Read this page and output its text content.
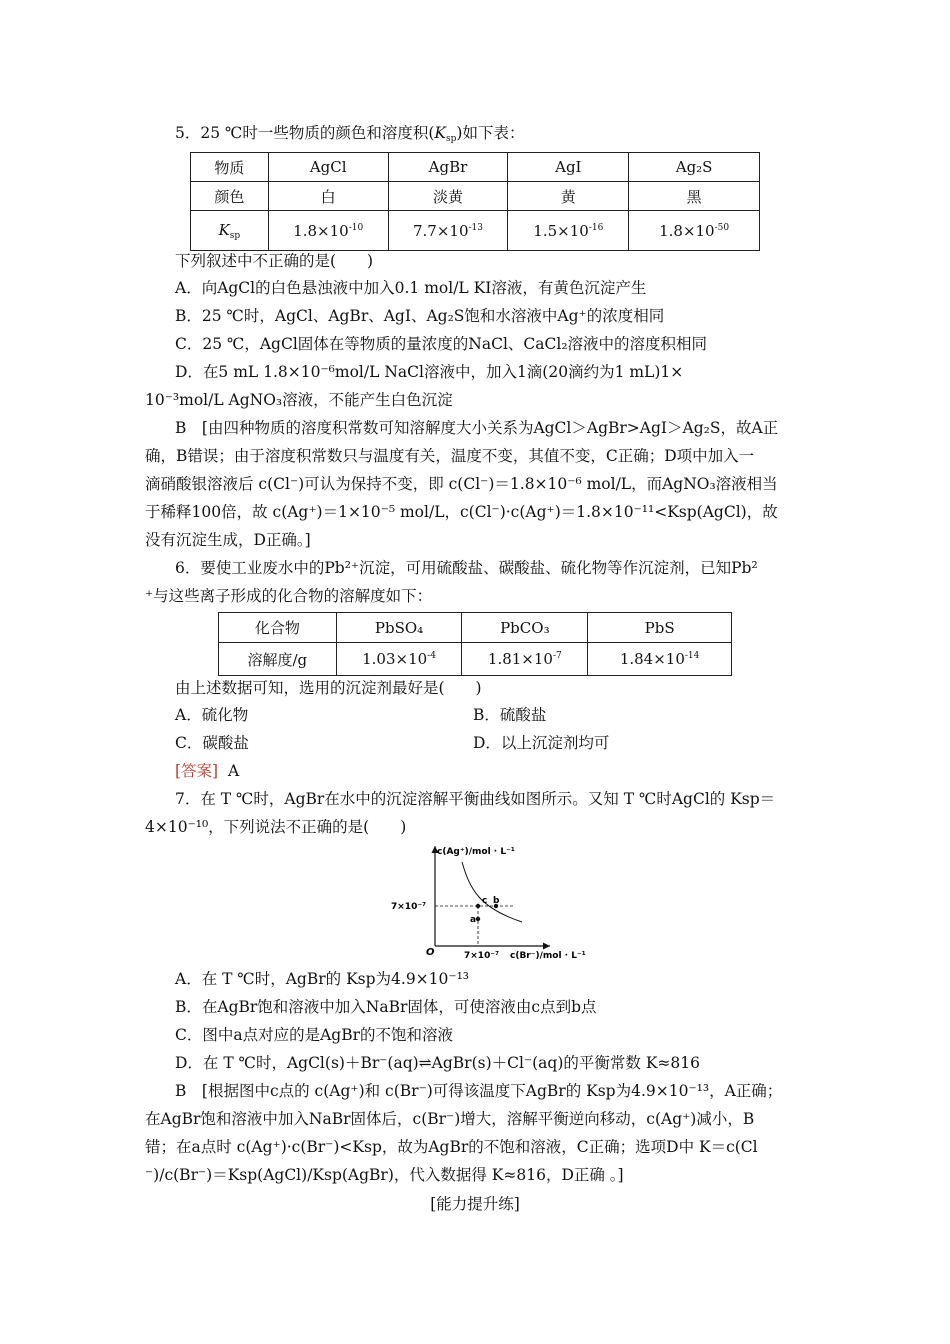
5．25 ℃时一些物质的颜色和溶度积$(K_{sp})$如下表：
物质	AgCl	AgBr	AgI	Ag₂S
颜色	白	淡黄	黄	黑
$K_{sp}$	$1.8\times 10^{-10}$	$7.7\times 10^{-13}$	$1.5\times 10^{-16}$	$1.8\times 10^{-50}$
下列叙述中不正确的是(　　)
A．向AgCl的白色悬浊液中加入0.1 mol/L KI溶液，有黄色沉淀产生
B．25 ℃时，AgCl、AgBr、AgI、Ag₂S饱和水溶液中Ag⁺的浓度相同
C．25 ℃，AgCl固体在等物质的量浓度的NaCl、CaCl₂溶液中的溶度积相同
D．在5 mL 1.8×10⁻⁶mol/L NaCl溶液中，加入1滴(20滴约为1 mL)1×
10⁻³mol/L AgNO₃溶液，不能产生白色沉淀
B　[由四种物质的溶度积常数可知溶解度大小关系为AgCl＞AgBr>AgI＞Ag₂S，故A正
确，B错误；由于溶度积常数只与温度有关，温度不变，其值不变，C正确；D项中加入一
滴硝酸银溶液后 c(Cl⁻)可认为保持不变，即 c(Cl⁻)＝1.8×10⁻⁶ mol/L，而AgNO₃溶液相当
于稀释100倍，故 c(Ag⁺)＝1×10⁻⁵ mol/L，c(Cl⁻)·c(Ag⁺)＝1.8×10⁻¹¹<Ksp(AgCl)，故
没有沉淀生成，D正确。]
6．要使工业废水中的Pb²⁺沉淀，可用硫酸盐、碳酸盐、硫化物等作沉淀剂，已知Pb²
⁺与这些离子形成的化合物的溶解度如下：
化合物	PbSO₄	PbCO₃	PbS
溶解度/g	$1.03\times 10^{-4}$	$1.81\times 10^{-7}$	$1.84\times 10^{-14}$
由上述数据可知，选用的沉淀剂最好是(　　)
A．硫化物	B．硫酸盐
C．碳酸盐	D．以上沉淀剂均可
[答案] A
7．在 T ℃时，AgBr在水中的沉淀溶解平衡曲线如图所示。又知 T ℃时AgCl的 Ksp＝
4×10⁻¹⁰，下列说法不正确的是(　　)
c(Ag⁺)/mol · L⁻¹
c(Br⁻)/mol · L⁻¹
O
7×10⁻⁷
7×10⁻⁷
a
c b
A．在 T ℃时，AgBr的 Ksp为4.9×10⁻¹³
B．在AgBr饱和溶液中加入NaBr固体，可使溶液由c点到b点
C．图中a点对应的是AgBr的不饱和溶液
D．在 T ℃时，AgCl(s)＋Br⁻(aq)⇌AgBr(s)＋Cl⁻(aq)的平衡常数 K≈816
B　[根据图中c点的 c(Ag⁺)和 c(Br⁻)可得该温度下AgBr的 Ksp为4.9×10⁻¹³，A正确；
在AgBr饱和溶液中加入NaBr固体后，c(Br⁻)增大，溶解平衡逆向移动，c(Ag⁺)减小，B
错；在a点时 c(Ag⁺)·c(Br⁻)<Ksp，故为AgBr的不饱和溶液，C正确；选项D中 K＝c(Cl
⁻)/c(Br⁻)＝Ksp(AgCl)/Ksp(AgBr)，代入数据得 K≈816，D正确 。]
[能力提升练]
